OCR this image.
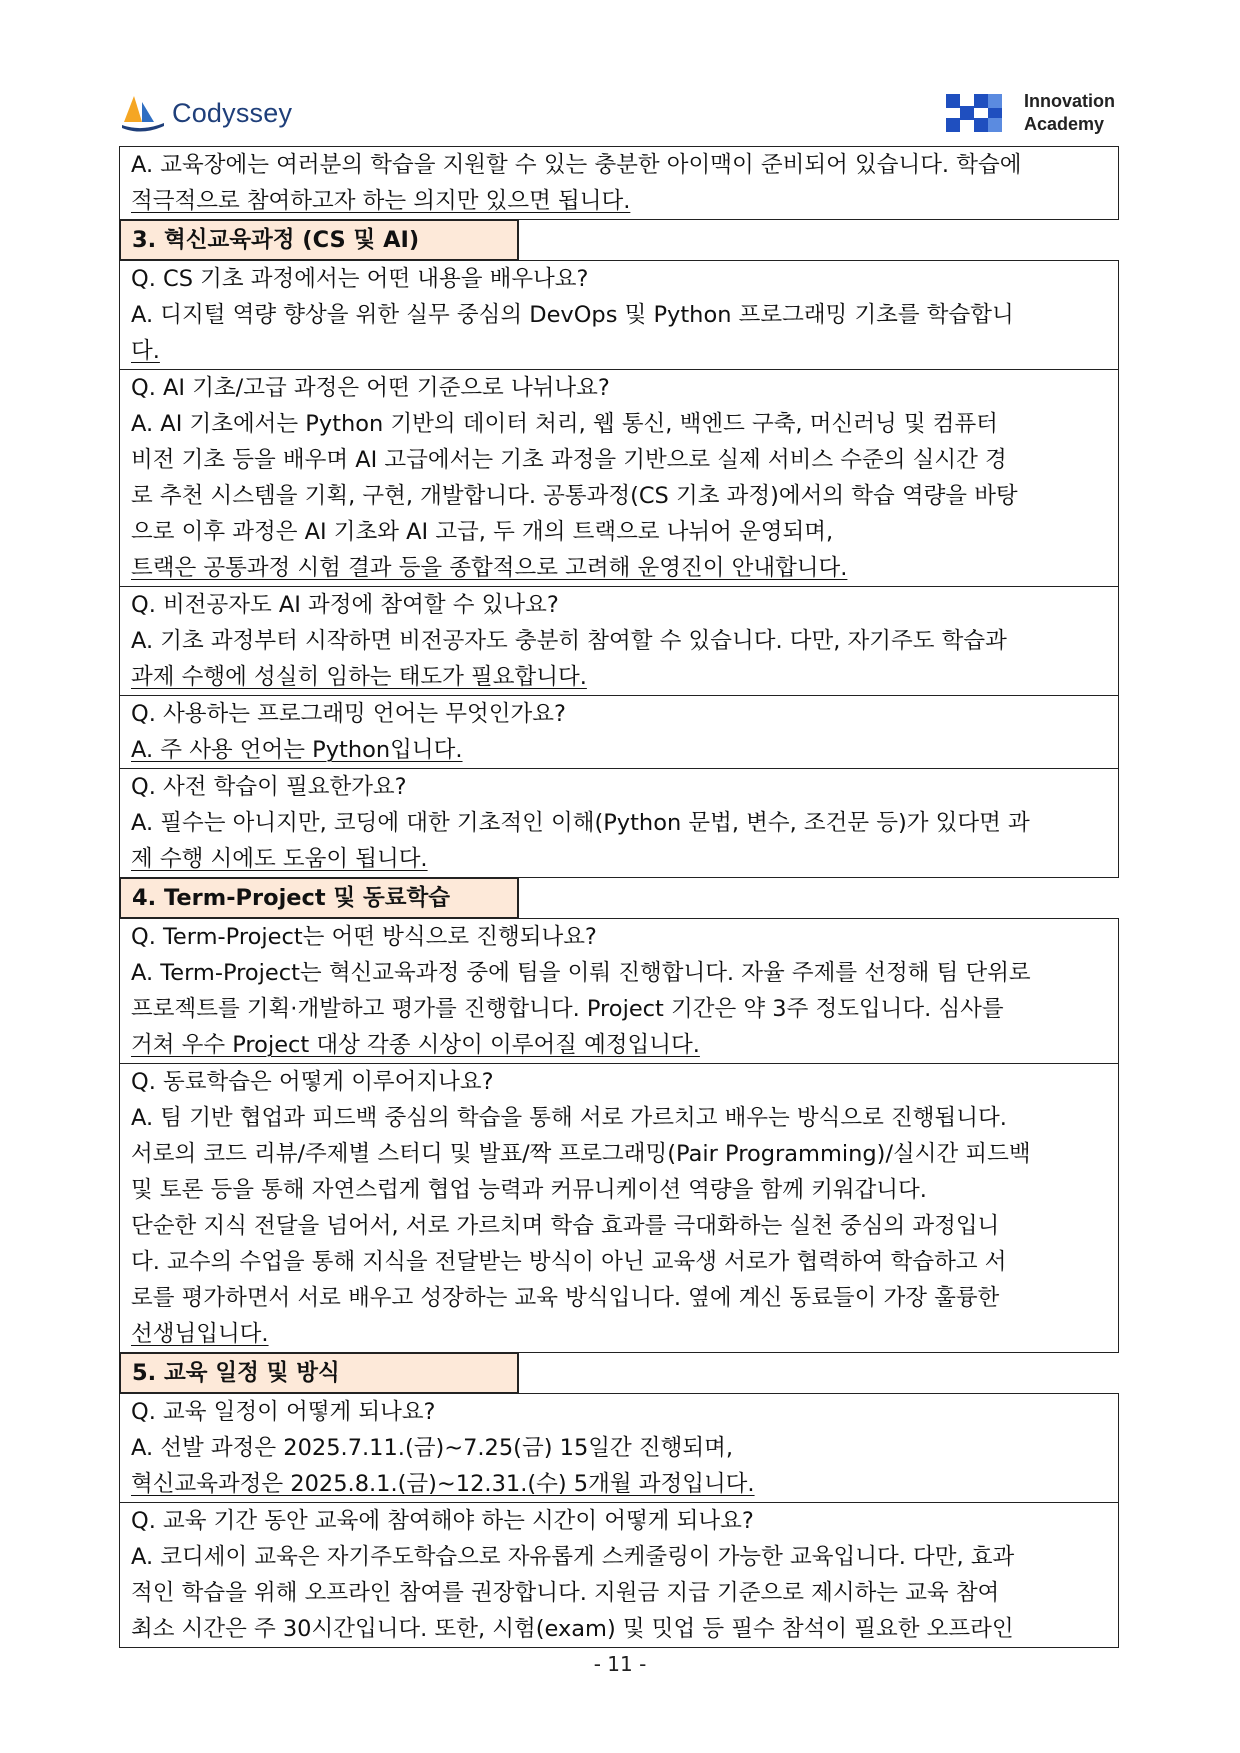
Codyssey	Innovation
Academy
A. 교육장에는 여러분의 학습을 지원할 수 있는 충분한 아이맥이 준비되어 있습니다. 학습에
적극적으로 참여하고자 하는 의지만 있으면 됩니다.
3. 혁신교육과정 (CS 및 AI)
Q. CS 기초 과정에서는 어떤 내용을 배우나요?
A. 디지털 역량 향상을 위한 실무 중심의 DevOps 및 Python 프로그래밍 기초를 학습합니
다.
Q. AI 기초/고급 과정은 어떤 기준으로 나뉘나요?
A. AI 기초에서는 Python 기반의 데이터 처리, 웹 통신, 백엔드 구축, 머신러닝 및 컴퓨터
비전 기초 등을 배우며 AI 고급에서는 기초 과정을 기반으로 실제 서비스 수준의 실시간 경
로 추천 시스템을 기획, 구현, 개발합니다. 공통과정(CS 기초 과정)에서의 학습 역량을 바탕
으로 이후 과정은 AI 기초와 AI 고급, 두 개의 트랙으로 나뉘어 운영되며,
트랙은 공통과정 시험 결과 등을 종합적으로 고려해 운영진이 안내합니다.
Q. 비전공자도 AI 과정에 참여할 수 있나요?
A. 기초 과정부터 시작하면 비전공자도 충분히 참여할 수 있습니다. 다만, 자기주도 학습과
과제 수행에 성실히 임하는 태도가 필요합니다.
Q. 사용하는 프로그래밍 언어는 무엇인가요?
A. 주 사용 언어는 Python입니다.
Q. 사전 학습이 필요한가요?
A. 필수는 아니지만, 코딩에 대한 기초적인 이해(Python 문법, 변수, 조건문 등)가 있다면 과
제 수행 시에도 도움이 됩니다.
4. Term-Project 및 동료학습
Q. Term-Project는 어떤 방식으로 진행되나요?
A. Term-Project는 혁신교육과정 중에 팀을 이뤄 진행합니다. 자율 주제를 선정해 팀 단위로
프로젝트를 기획·개발하고 평가를 진행합니다. Project 기간은 약 3주 정도입니다. 심사를
거쳐 우수 Project 대상 각종 시상이 이루어질 예정입니다.
Q. 동료학습은 어떻게 이루어지나요?
A. 팀 기반 협업과 피드백 중심의 학습을 통해 서로 가르치고 배우는 방식으로 진행됩니다.
서로의 코드 리뷰/주제별 스터디 및 발표/짝 프로그래밍(Pair Programming)/실시간 피드백
및 토론 등을 통해 자연스럽게 협업 능력과 커뮤니케이션 역량을 함께 키워갑니다.
단순한 지식 전달을 넘어서, 서로 가르치며 학습 효과를 극대화하는 실천 중심의 과정입니
다. 교수의 수업을 통해 지식을 전달받는 방식이 아닌 교육생 서로가 협력하여 학습하고 서
로를 평가하면서 서로 배우고 성장하는 교육 방식입니다. 옆에 계신 동료들이 가장 훌륭한
선생님입니다.
5. 교육 일정 및 방식
Q. 교육 일정이 어떻게 되나요?
A. 선발 과정은 2025.7.11.(금)~7.25(금) 15일간 진행되며,
혁신교육과정은 2025.8.1.(금)~12.31.(수) 5개월 과정입니다.
Q. 교육 기간 동안 교육에 참여해야 하는 시간이 어떻게 되나요?
A. 코디세이 교육은 자기주도학습으로 자유롭게 스케줄링이 가능한 교육입니다. 다만, 효과
적인 학습을 위해 오프라인 참여를 권장합니다. 지원금 지급 기준으로 제시하는 교육 참여
최소 시간은 주 30시간입니다. 또한, 시험(exam) 및 밋업 등 필수 참석이 필요한 오프라인
- 11 -
